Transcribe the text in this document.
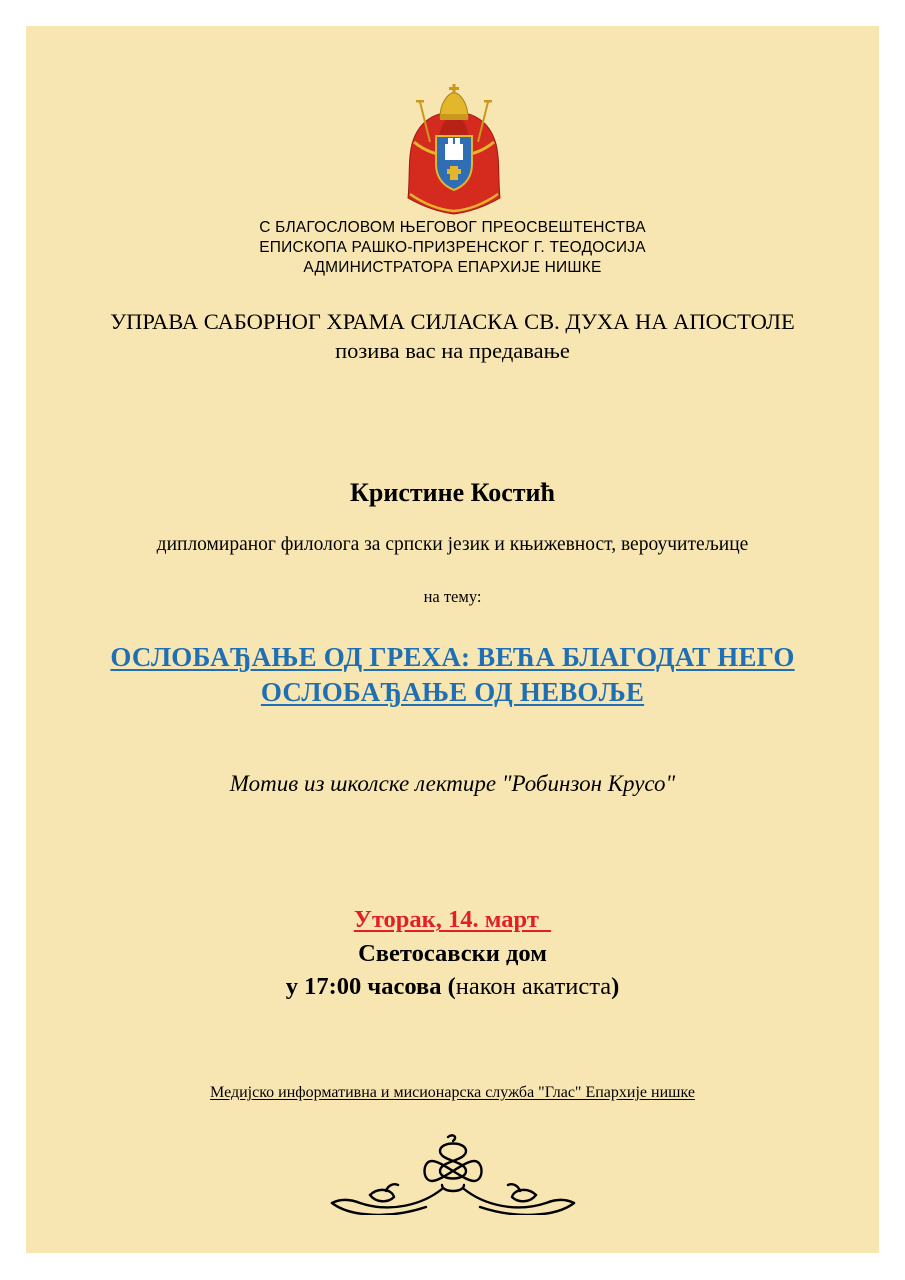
С БЛАГОСЛОВОМ ЊЕГОВОГ ПРЕОСВЕШТЕНСТВА
ЕПИСКОПА РАШКО-ПРИЗРЕНСКОГ Г. ТЕОДОСИЈА
АДМИНИСТРАТОРА ЕПАРХИЈЕ НИШКЕ
УПРАВА САБОРНОГ ХРАМА СИЛАСКА СВ. ДУХА НА АПОСТОЛЕ
позива вас на предавање
Кристине Костић
дипломираног филолога за српски језик и књижевност, вероучитељице
на тему:
ОСЛОБАЂАЊЕ ОД ГРЕХА: ВЕЋА БЛАГОДАТ НЕГО
ОСЛОБАЂАЊЕ ОД НЕВОЉЕ
Мотив из школске лектире "Робинзон Крусо"
Уторак, 14. март
Светосавски дом
у 17:00 часова (након акатиста)
Медијско информативна и мисионарска служба "Глас" Епархије нишке
